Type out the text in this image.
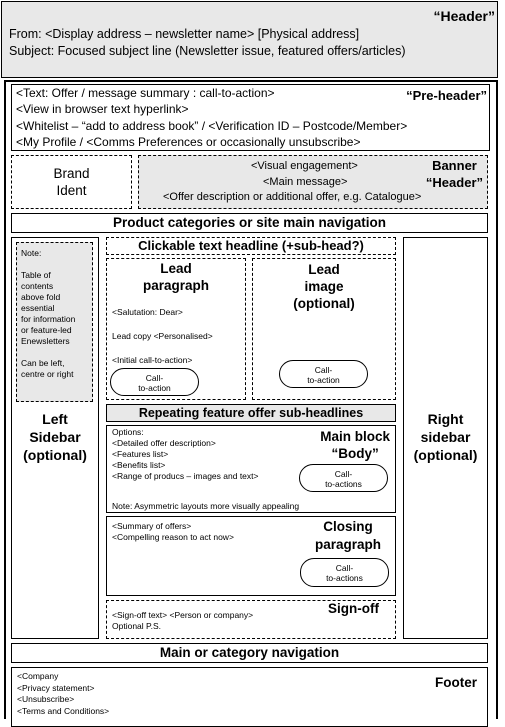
“Header”
From: <Display address – newsletter name> [Physical address]
Subject: Focused subject line (Newsletter issue, featured offers/articles)
“Pre-header”
<Text: Offer / message summary : call-to-action>
<View in browser text hyperlink>
<Whitelist – “add to address book” / <Verification ID – Postcode/Member>
<My Profile / <Comms Preferences or occasionally unsubscribe>
Brand
Ident
Banner
“Header”
<Visual engagement>
<Main message>
<Offer description or additional offer, e.g. Catalogue>
Product categories or site main navigation
Note:
Table of
contents
above fold
essential
for information
or feature-led
Enewsletters
Can be left,
centre or right
Left
Sidebar
(optional)
Right
sidebar
(optional)
Clickable text headline (+sub-head?)
Lead
paragraph
<Salutation: Dear>
Lead copy <Personalised>
<Initial call-to-action>
Call-
to-action
Lead
image
(optional)
Call-
to-action
Repeating feature offer sub-headlines
Options:
<Detailed offer description>
<Features list>
<Benefits list>
<Range of producs – images and text>
Note: Asymmetric layouts more visually appealing
Main block
“Body”
Call-
to-actions
<Summary of offers>
<Compelling reason to act now>
Closing
paragraph
Call-
to-actions
Sign-off
<Sign-off text> <Person or company>
Optional P.S.
Main or category navigation
Footer
<Company
<Privacy statement>
<Unsubscribe>
<Terms and Conditions>
